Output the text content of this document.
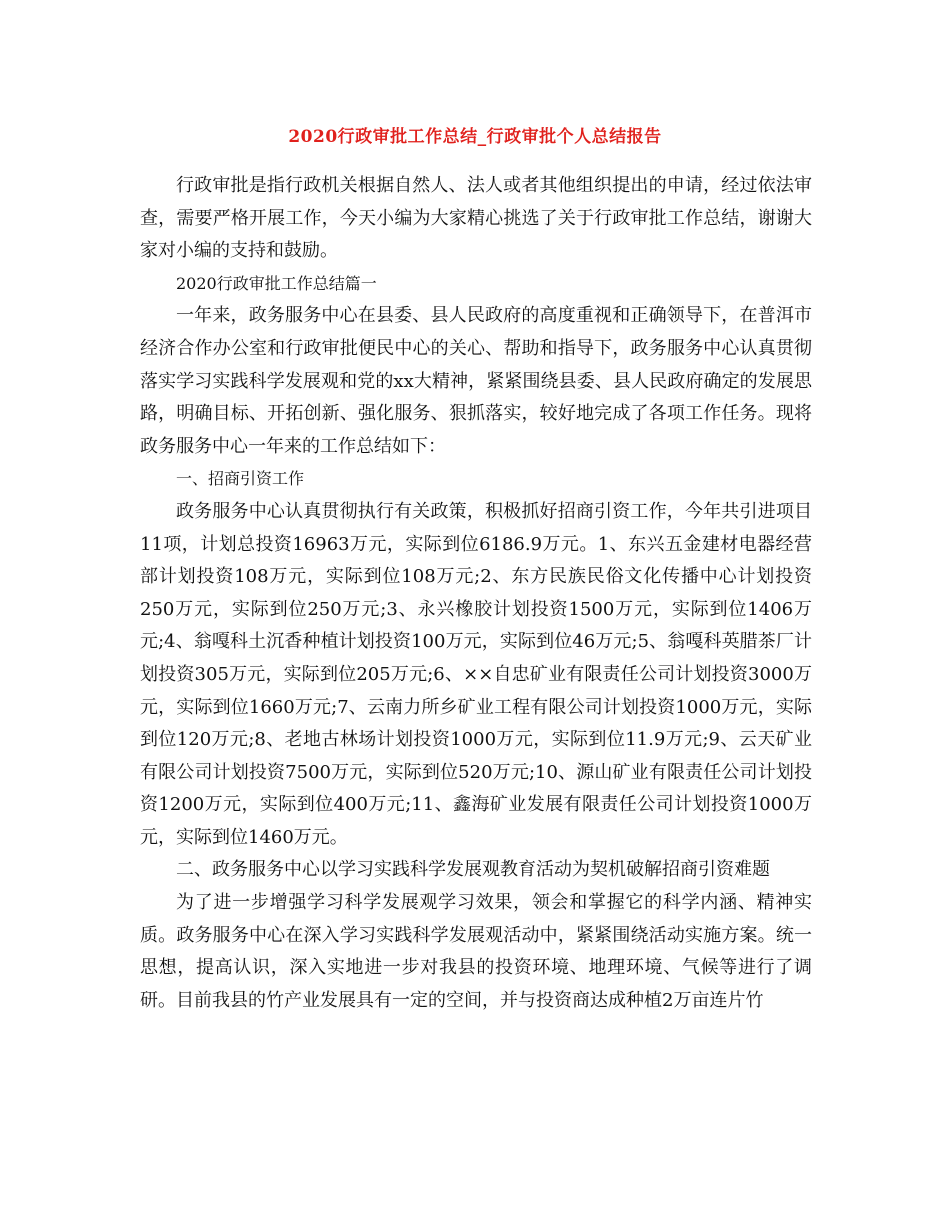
2020行政审批工作总结_行政审批个人总结报告

行政审批是指行政机关根据自然人、法人或者其他组织提出的申请，经过依法审查，需要严格开展工作，今天小编为大家精心挑选了关于行政审批工作总结，谢谢大家对小编的支持和鼓励。

2020行政审批工作总结篇一

一年来，政务服务中心在县委、县人民政府的高度重视和正确领导下，在普洱市经济合作办公室和行政审批便民中心的关心、帮助和指导下，政务服务中心认真贯彻落实学习实践科学发展观和党的xx大精神，紧紧围绕县委、县人民政府确定的发展思路，明确目标、开拓创新、强化服务、狠抓落实，较好地完成了各项工作任务。现将政务服务中心一年来的工作总结如下：

一、招商引资工作

政务服务中心认真贯彻执行有关政策，积极抓好招商引资工作，今年共引进项目11项，计划总投资16963万元，实际到位6186.9万元。1、东兴五金建材电器经营部计划投资108万元，实际到位108万元;2、东方民族民俗文化传播中心计划投资250万元，实际到位250万元;3、永兴橡胶计划投资1500万元，实际到位1406万元;4、翁嘎科土沉香种植计划投资100万元，实际到位46万元;5、翁嘎科英腊茶厂计划投资305万元，实际到位205万元;6、××自忠矿业有限责任公司计划投资3000万元，实际到位1660万元;7、云南力所乡矿业工程有限公司计划投资1000万元，实际到位120万元;8、老地古林场计划投资1000万元，实际到位11.9万元;9、云天矿业有限公司计划投资7500万元，实际到位520万元;10、源山矿业有限责任公司计划投资1200万元，实际到位400万元;11、鑫海矿业发展有限责任公司计划投资1000万元，实际到位1460万元。

二、政务服务中心以学习实践科学发展观教育活动为契机破解招商引资难题

为了进一步增强学习科学发展观学习效果，领会和掌握它的科学内涵、精神实质。政务服务中心在深入学习实践科学发展观活动中，紧紧围绕活动实施方案。统一思想，提高认识，深入实地进一步对我县的投资环境、地理环境、气候等进行了调研。目前我县的竹产业发展具有一定的空间，并与投资商达成种植2万亩连片竹
